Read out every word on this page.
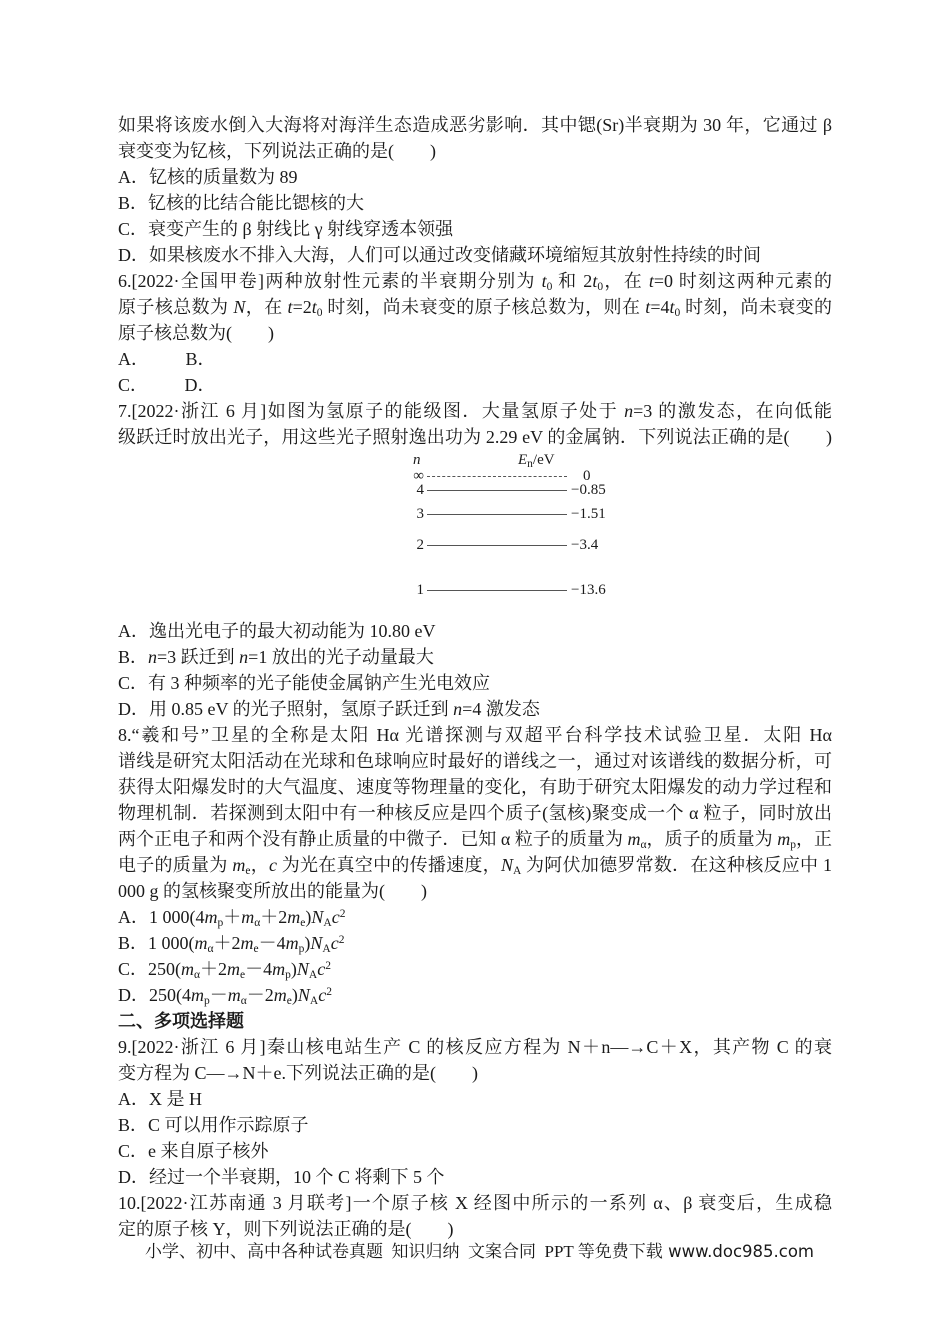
如果将该废水倒入大海将对海洋生态造成恶劣影响．其中锶(Sr)半衰期为 30 年，它通过 β

衰变变为钇核，下列说法正确的是(　　)

A．钇核的质量数为 89

B．钇核的比结合能比锶核的大

C．衰变产生的 β 射线比 γ 射线穿透本领强

D．如果核废水不排入大海，人们可以通过改变储藏环境缩短其放射性持续的时间

6.[2022·全国甲卷]两种放射性元素的半衰期分别为 $t_0$ 和 $2t_0$，在 t=0 时刻这两种元素的

原子核总数为 N，在 $t=2t_0$ 时刻，尚未衰变的原子核总数为，则在 $t=4t_0$ 时刻，尚未衰变的

原子核总数为(　　)

A． B．

C． D．

7.[2022·浙江 6 月]如图为氢原子的能级图．大量氢原子处于 n=3 的激发态，在向低能

级跃迁时放出光子，用这些光子照射逸出功为 2.29 eV 的金属钠．下列说法正确的是(　　)

n	$E_n/eV$
∞	0
4	−0.85
3	−1.51
2	−3.4
1	−13.6

A．逸出光电子的最大初动能为 10.80 eV

B．n=3 跃迁到 n=1 放出的光子动量最大

C．有 3 种频率的光子能使金属钠产生光电效应

D．用 0.85 eV 的光子照射，氢原子跃迁到 n=4 激发态

8.“羲和号”卫星的全称是太阳 Hα 光谱探测与双超平台科学技术试验卫星．太阳 Hα

谱线是研究太阳活动在光球和色球响应时最好的谱线之一，通过对该谱线的数据分析，可

获得太阳爆发时的大气温度、速度等物理量的变化，有助于研究太阳爆发的动力学过程和

物理机制．若探测到太阳中有一种核反应是四个质子(氢核)聚变成一个 α 粒子，同时放出

两个正电子和两个没有静止质量的中微子．已知 α 粒子的质量为 $m_\alpha$，质子的质量为 $m_p$，正

电子的质量为 $m_e$，c 为光在真空中的传播速度，$N_A$ 为阿伏加德罗常数．在这种核反应中 1

000 g 的氢核聚变所放出的能量为(　　)

A．1 $000(4m_p+m_\alpha+2m_e)N_Ac^2$

B．1 $000(m_\alpha+2m_e-4m_p)N_Ac^2$

C．$250(m_\alpha+2m_e-4m_p)N_Ac^2$

D．$250(4m_p-m_\alpha-2m_e)N_Ac^2$

二、多项选择题

9.[2022·浙江 6 月]秦山核电站生产 C 的核反应方程为 N＋n―→C＋X，其产物 C 的衰

变方程为 C―→N＋e.下列说法正确的是(　　)

A．X 是 H

B．C 可以用作示踪原子

C．e 来自原子核外

D．经过一个半衰期，10 个 C 将剩下 5 个

10.[2022·江苏南通 3 月联考]一个原子核 X 经图中所示的一系列 α、β 衰变后，生成稳

定的原子核 Y，则下列说法正确的是(　　)

小学、初中、高中各种试卷真题  知识归纳  文案合同  PPT 等免费下载 www.doc985.com
